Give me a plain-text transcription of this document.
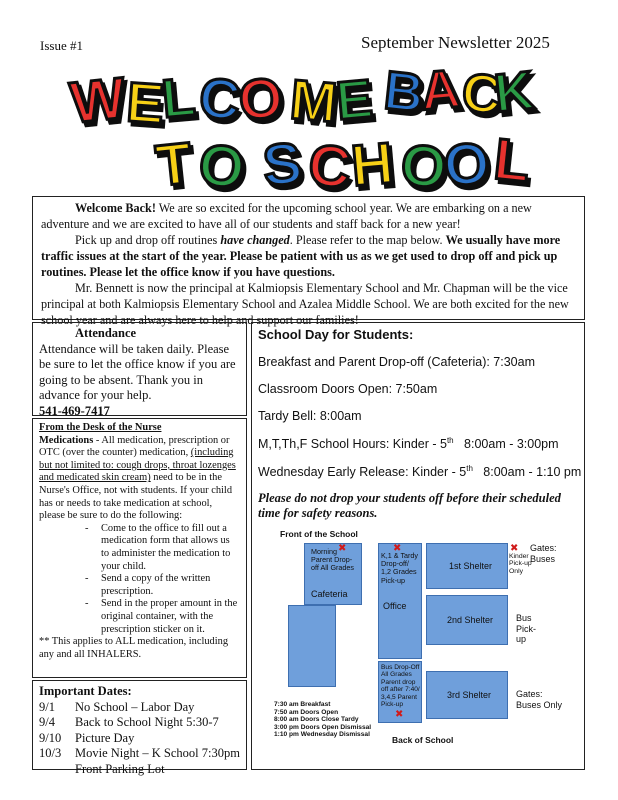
Issue #1	September Newsletter 2025
W
E
L C
O M
E B
A
C
K
T O S C
H O
O L

Welcome Back! We are so excited for the upcoming school year. We are embarking on a new adventure and we are excited to have all of our students and staff back for a new year!

Pick up and drop off routines have changed. Please refer to the map below. We usually have more traffic issues at the start of the year. Please be patient with us as we get used to drop off and pick up routines. Please let the office know if you have questions.

Mr. Bennett is now the principal at Kalmiopsis Elementary School and Mr. Chapman will be the vice principal at both Kalmiopsis Elementary School and Azalea Middle School. We are both excited for the new school year and are always here to help and support our families!

Attendance
Attendance will be taken daily. Please be sure to let the office know if you are going to be absent. Thank you in advance for your help.
541-469-7417
From the Desk of the Nurse
Medications - All medication, prescription or OTC (over the counter) medication, (including but not limited to: cough drops, throat lozenges and medicated skin cream) need to be in the Nurse's Office, not with students. If your child has or needs to take medication at school, please be sure to do the following:
- Come to the office to fill out a medication form that allows us to administer the medication to your child.
- Send a copy of the written prescription.
- Send in the proper amount in the original container, with the prescription sticker on it.
** This applies to ALL medication, including any and all INHALERS.
Important Dates:
9/1	No School – Labor Day
9/4	Back to School Night 5:30-7
9/10	Picture Day
10/3	Movie Night – K School 7:30pm
Front Parking Lot
School Day for Students:
Breakfast and Parent Drop-off (Cafeteria): 7:30am
Classroom Doors Open: 7:50am
Tardy Bell: 8:00am
M,T,Th,F School Hours: Kinder - 5th   8:00am - 3:00pm
Wednesday Early Release: Kinder - 5th   8:00am - 1:10 pm
Please do not drop your students off before their scheduled time for safety reasons.
Front of the School
Morning Parent Drop-off All Grades
Cafeteria
✖
K,1 & Tardy Drop-off/ 1,2 Grades Pick-up
Office
✖
1st Shelter
✖
Kinder Pick-up Only
Gates: Buses
2nd Shelter	Bus Pick-up
Bus Drop-Off All Grades Parent drop off after 7:40/ 3,4,5 Parent Pick-up
✖
3rd Shelter	Gates: Buses Only
7:30 am Breakfast
7:50 am Doors Open
8:00 am Doors Close Tardy
3:00 pm Doors Open Dismissal
1:10 pm Wednesday Dismissal
Back of School
